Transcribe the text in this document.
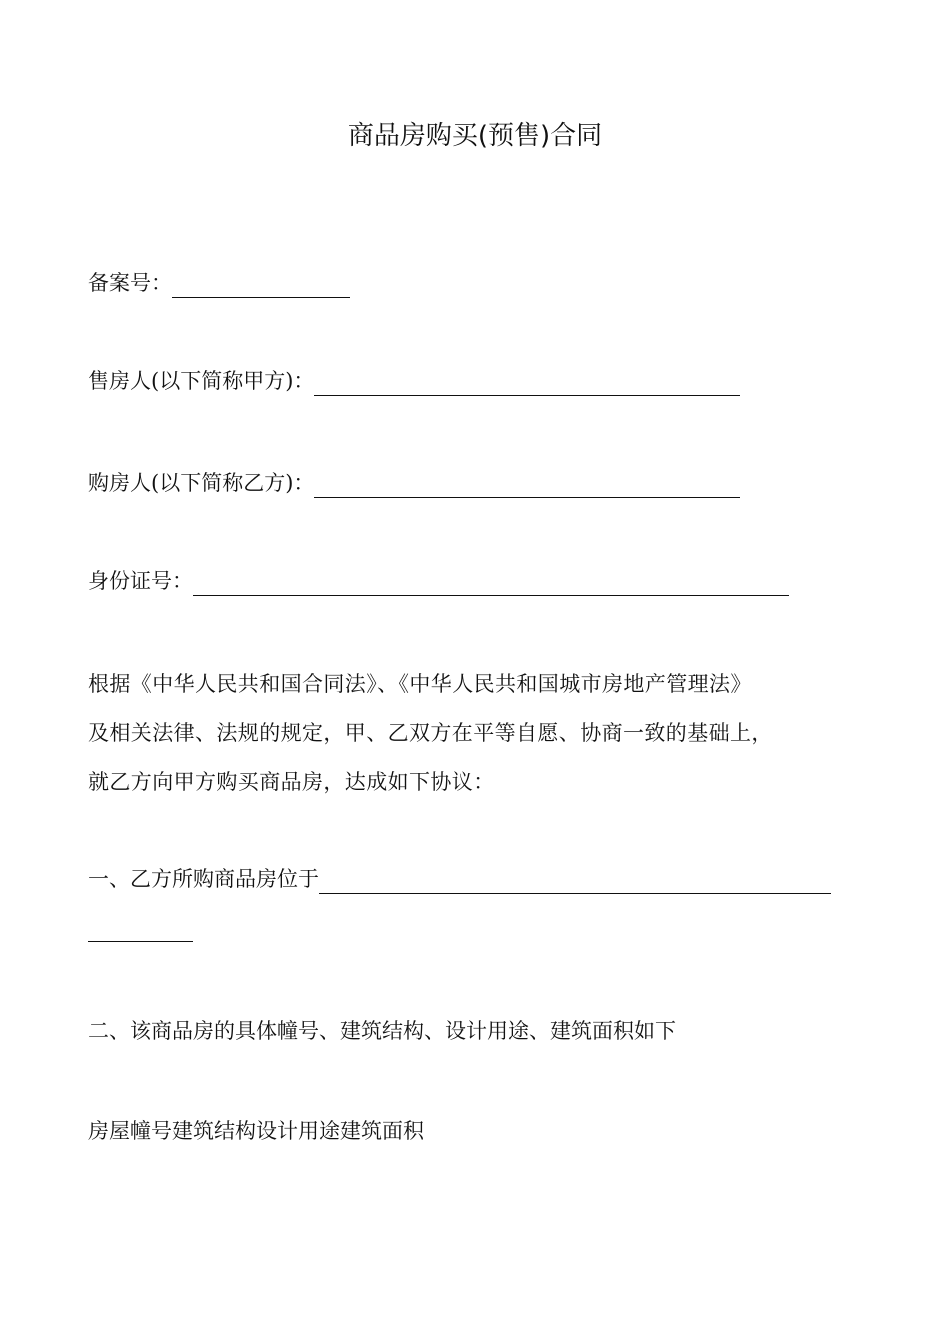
商品房购买(预售)合同
备案号：
售房人(以下简称甲方)：
购房人(以下简称乙方)：
身份证号：
根据《中华人民共和国合同法》、《中华人民共和国城市房地产管理法》
及相关法律、法规的规定，甲、乙双方在平等自愿、协商一致的基础上，
就乙方向甲方购买商品房，达成如下协议：
一、乙方所购商品房位于
二、该商品房的具体幢号、建筑结构、设计用途、建筑面积如下
房屋幢号建筑结构设计用途建筑面积
